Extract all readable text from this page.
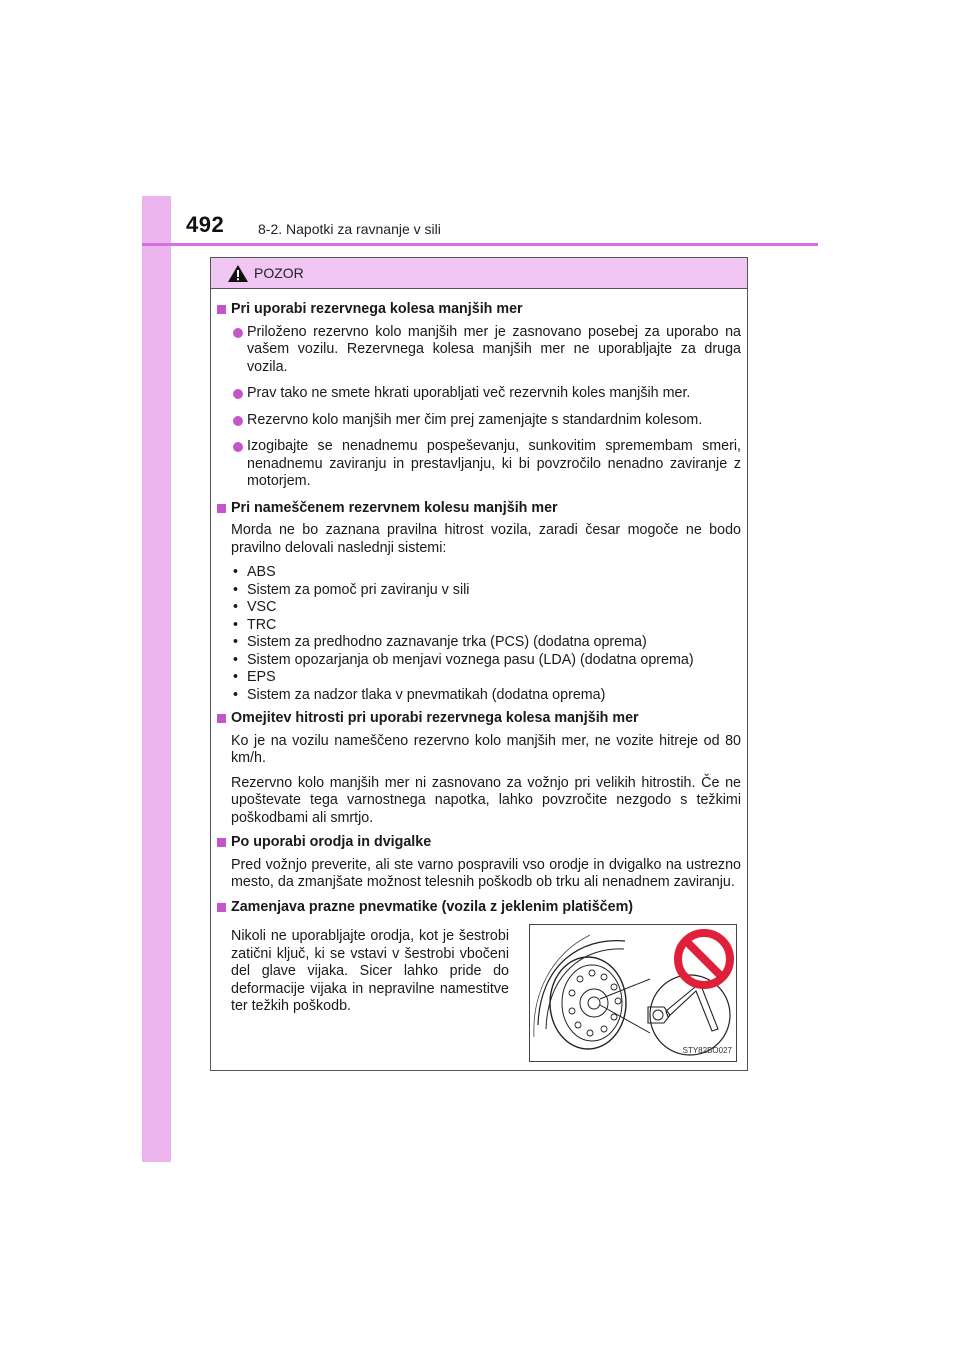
492 8-2. Napotki za ravnanje v sili
POZOR
Pri uporabi rezervnega kolesa manjših mer
Priloženo rezervno kolo manjših mer je zasnovano posebej za uporabo na vašem vozilu. Rezervnega kolesa manjših mer ne uporabljajte za druga vozila.
Prav tako ne smete hkrati uporabljati več rezervnih koles manjših mer.
Rezervno kolo manjših mer čim prej zamenjajte s standardnim kolesom.
Izogibajte se nenadnemu pospeševanju, sunkovitim spremembam smeri, nenadnemu zaviranju in prestavljanju, ki bi povzročilo nenadno zaviranje z motorjem.
Pri nameščenem rezervnem kolesu manjših mer
Morda ne bo zaznana pravilna hitrost vozila, zaradi česar mogoče ne bodo pravilno delovali naslednji sistemi:
• ABS
• Sistem za pomoč pri zaviranju v sili
• VSC
• TRC
• Sistem za predhodno zaznavanje trka (PCS) (dodatna oprema)
• Sistem opozarjanja ob menjavi voznega pasu (LDA) (dodatna oprema)
• EPS
• Sistem za nadzor tlaka v pnevmatikah (dodatna oprema)
Omejitev hitrosti pri uporabi rezervnega kolesa manjših mer
Ko je na vozilu nameščeno rezervno kolo manjših mer, ne vozite hitreje od 80 km/h.
Rezervno kolo manjših mer ni zasnovano za vožnjo pri velikih hitrostih. Če ne upoštevate tega varnostnega napotka, lahko povzročite nezgodo s težkimi poškodbami ali smrtjo.
Po uporabi orodja in dvigalke
Pred vožnjo preverite, ali ste varno pospravili vso orodje in dvigalko na ustrezno mesto, da zmanjšate možnost telesnih poškodb ob trku ali nenadnem zaviranju.
Zamenjava prazne pnevmatike (vozila z jeklenim platiščem)
Nikoli ne uporabljajte orodja, kot je šestrobi zatični ključ, ki se vstavi v šestrobi vbočeni del glave vijaka. Sicer lahko pride do deformacije vijaka in nepravilne namestitve ter težkih poškodb.
STY82BO027
